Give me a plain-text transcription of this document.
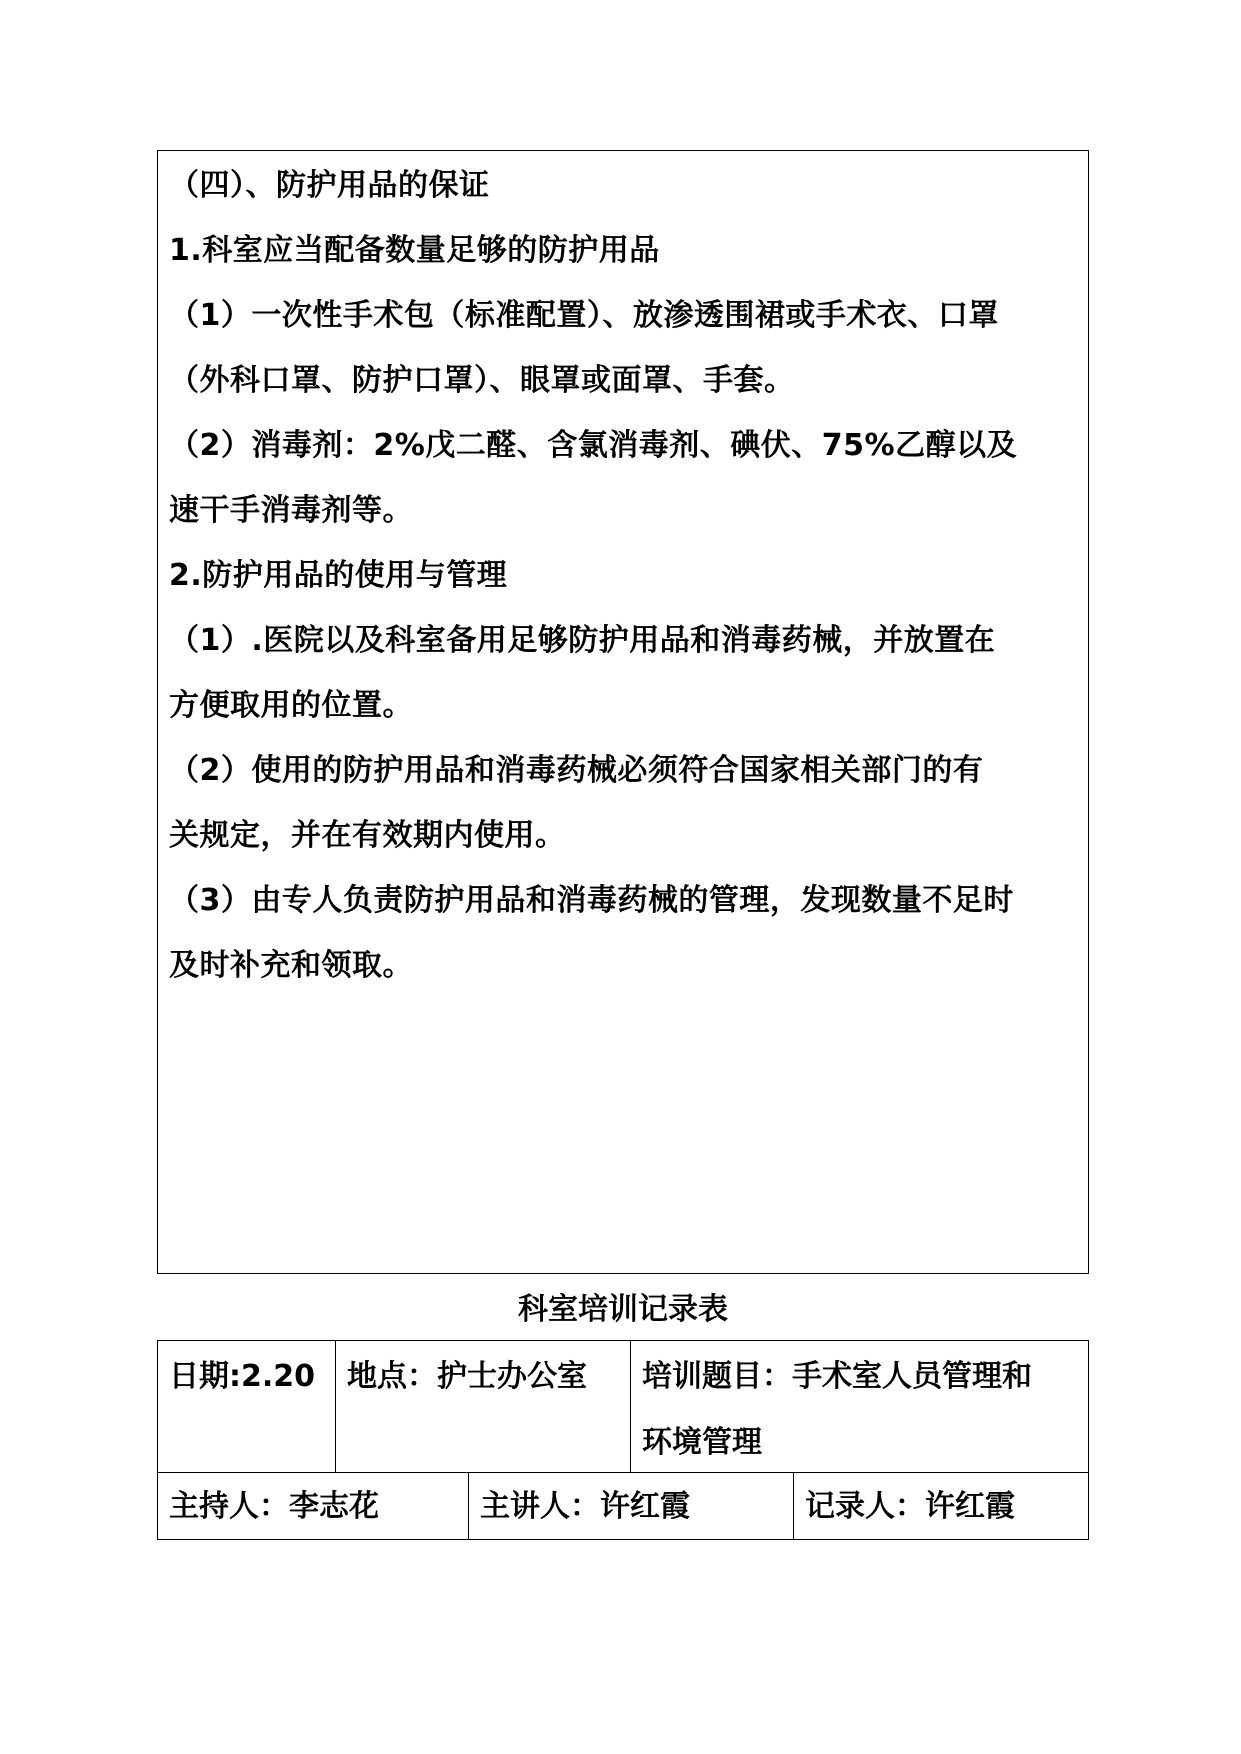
（四）、防护用品的保证
1.科室应当配备数量足够的防护用品
（1）一次性手术包（标准配置）、放渗透围裙或手术衣、口罩
（外科口罩、防护口罩）、眼罩或面罩、手套。
（2）消毒剂：2%戊二醛、含氯消毒剂、碘伏、75%乙醇以及
速干手消毒剂等。
2.防护用品的使用与管理
（1）.医院以及科室备用足够防护用品和消毒药械，并放置在
方便取用的位置。
（2）使用的防护用品和消毒药械必须符合国家相关部门的有
关规定，并在有效期内使用。
（3）由专人负责防护用品和消毒药械的管理，发现数量不足时
及时补充和领取。
科室培训记录表
日期:2.20 地点：护士办公室 培训题目：手术室人员管理和
环境管理
主持人：李志花	主讲人：许红霞	记录人：许红霞
